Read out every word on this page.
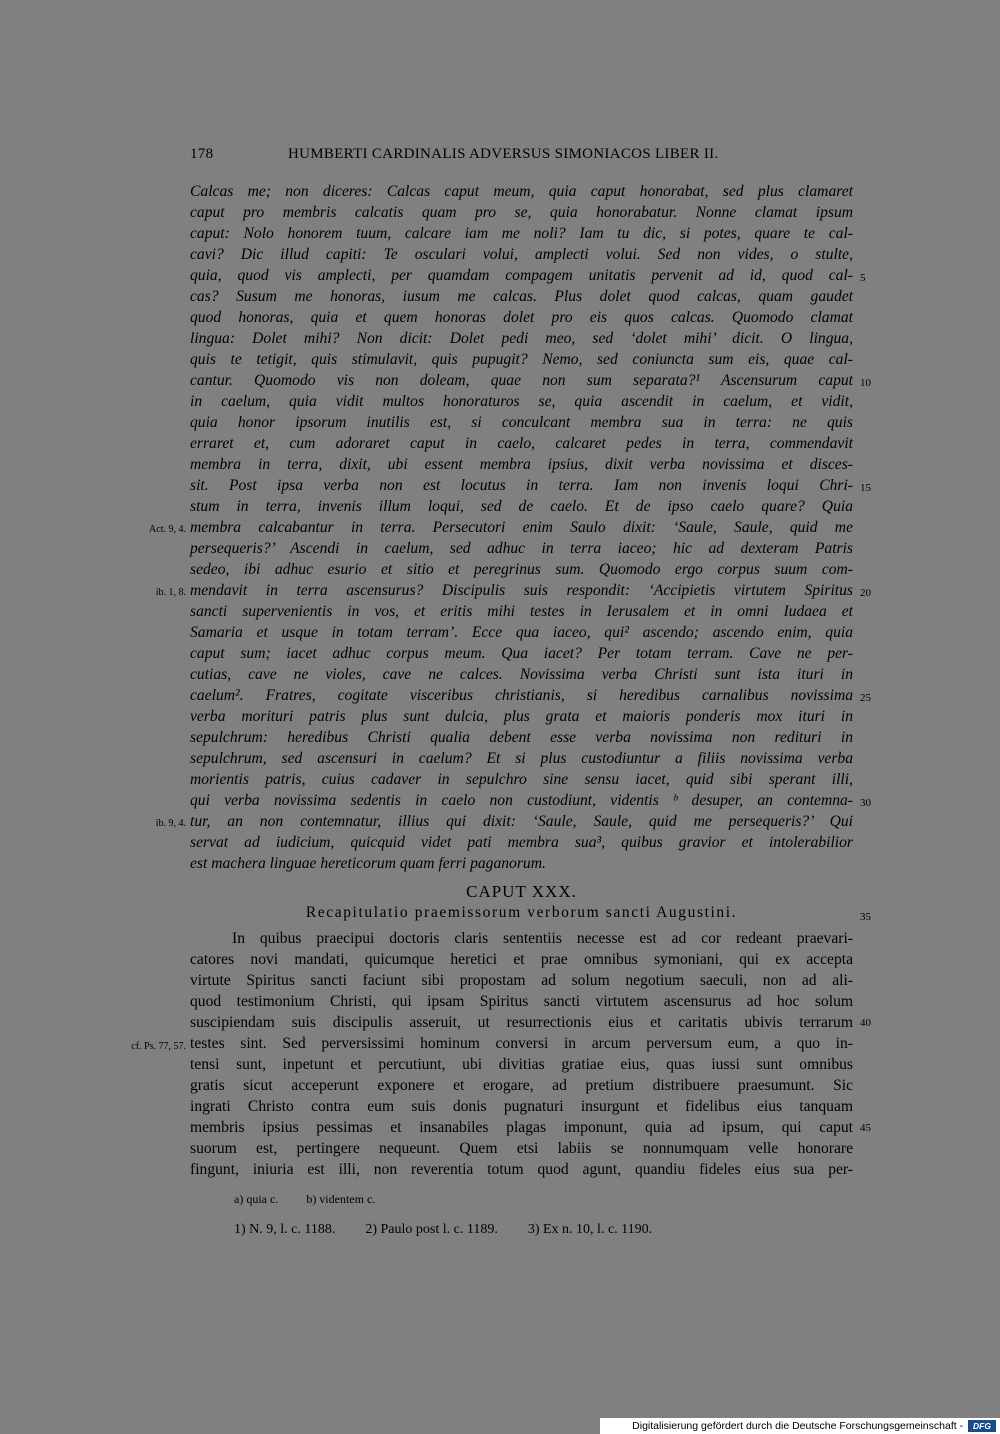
178	HUMBERTI CARDINALIS ADVERSUS SIMONIACOS LIBER II.
Calcas me; non diceres: Calcas caput meum, quia caput honorabat, sed plus clamaret
caput pro membris calcatis quam pro se, quia honorabatur. Nonne clamat ipsum
caput: Nolo honorem tuum, calcare iam me noli? Iam tu dic, si potes, quare te cal-
cavi? Dic illud capiti: Te osculari volui, amplecti volui. Sed non vides, o stulte,
quia, quod vis amplecti, per quamdam compagem unitatis pervenit ad id, quod cal-
cas? Susum me honoras, iusum me calcas. Plus dolet quod calcas, quam gaudet
quod honoras, quia et quem honoras dolet pro eis quos calcas. Quomodo clamat
lingua: Dolet mihi? Non dicit: Dolet pedi meo, sed ‘dolet mihi’ dicit. O lingua,
quis te tetigit, quis stimulavit, quis pupugit? Nemo, sed coniuncta sum eis, quae cal-
cantur. Quomodo vis non doleam, quae non sum separata?¹ Ascensurum caput
in caelum, quia vidit multos honoraturos se, quia ascendit in caelum, et vidit,
quia honor ipsorum inutilis est, si conculcant membra sua in terra: ne quis
erraret et, cum adoraret caput in caelo, calcaret pedes in terra, commendavit
membra in terra, dixit, ubi essent membra ipsius, dixit verba novissima et disces-
sit. Post ipsa verba non est locutus in terra. Iam non invenis loqui Chri-
stum in terra, invenis illum loqui, sed de caelo. Et de ipso caelo quare? Quia
membra calcabantur in terra. Persecutori enim Saulo dixit: ‘Saule, Saule, quid me
persequeris?’ Ascendi in caelum, sed adhuc in terra iaceo; hic ad dexteram Patris
sedeo, ibi adhuc esurio et sitio et peregrinus sum. Quomodo ergo corpus suum com-
mendavit in terra ascensurus? Discipulis suis respondit: ‘Accipietis virtutem Spiritus
sancti supervenientis in vos, et eritis mihi testes in Ierusalem et in omni Iudaea et
Samaria et usque in totam terram’. Ecce qua iaceo, qui² ascendo; ascendo enim, quia
caput sum; iacet adhuc corpus meum. Qua iacet? Per totam terram. Cave ne per-
cutias, cave ne violes, cave ne calces. Novissima verba Christi sunt ista ituri in
caelum². Fratres, cogitate visceribus christianis, si heredibus carnalibus novissima
verba morituri patris plus sunt dulcia, plus grata et maioris ponderis mox ituri in
sepulchrum: heredibus Christi qualia debent esse verba novissima non redituri in
sepulchrum, sed ascensuri in caelum? Et si plus custodiuntur a filiis novissima verba
morientis patris, cuius cadaver in sepulchro sine sensu iacet, quid sibi sperant illi,
qui verba novissima sedentis in caelo non custodiunt, videntis ᵇ desuper, an contemna-
tur, an non contemnatur, illius qui dixit: ‘Saule, Saule, quid me persequeris?’ Qui
servat ad iudicium, quicquid videt pati membra sua³, quibus gravior et intolerabilior
est machera linguae hereticorum quam ferri paganorum.
5
10
15
20
25
30
35
40
45
Act. 9, 4.
ib. 1, 8.
ib. 9, 4.
cf. Ps. 77, 57.
CAPUT XXX.
Recapitulatio praemissorum verborum sancti Augustini.
In quibus praecipui doctoris claris sententiis necesse est ad cor redeant praevari-
catores novi mandati, quicumque heretici et prae omnibus symoniani, qui ex accepta
virtute Spiritus sancti faciunt sibi propostam ad solum negotium saeculi, non ad ali-
quod testimonium Christi, qui ipsam Spiritus sancti virtutem ascensurus ad hoc solum
suscipiendam suis discipulis asseruit, ut resurrectionis eius et caritatis ubivis terrarum
testes sint. Sed perversissimi hominum conversi in arcum perversum eum, a quo in-
tensi sunt, inpetunt et percutiunt, ubi divitias gratiae eius, quas iussi sunt omnibus
gratis sicut acceperunt exponere et erogare, ad pretium distribuere praesumunt. Sic
ingrati Christo contra eum suis donis pugnaturi insurgunt et fidelibus eius tanquam
membris ipsius pessimas et insanabiles plagas imponunt, quia ad ipsum, qui caput
suorum est, pertingere nequeunt. Quem etsi labiis se nonnumquam velle honorare
fingunt, iniuria est illi, non reverentia totum quod agunt, quandiu fideles eius sua per-
a) quia c. b) videntem c.
1) N. 9, l. c. 1188. 2) Paulo post l. c. 1189. 3) Ex n. 10, l. c. 1190.
Digitalisierung gefördert durch die Deutsche Forschungsgemeinschaft - DFG
